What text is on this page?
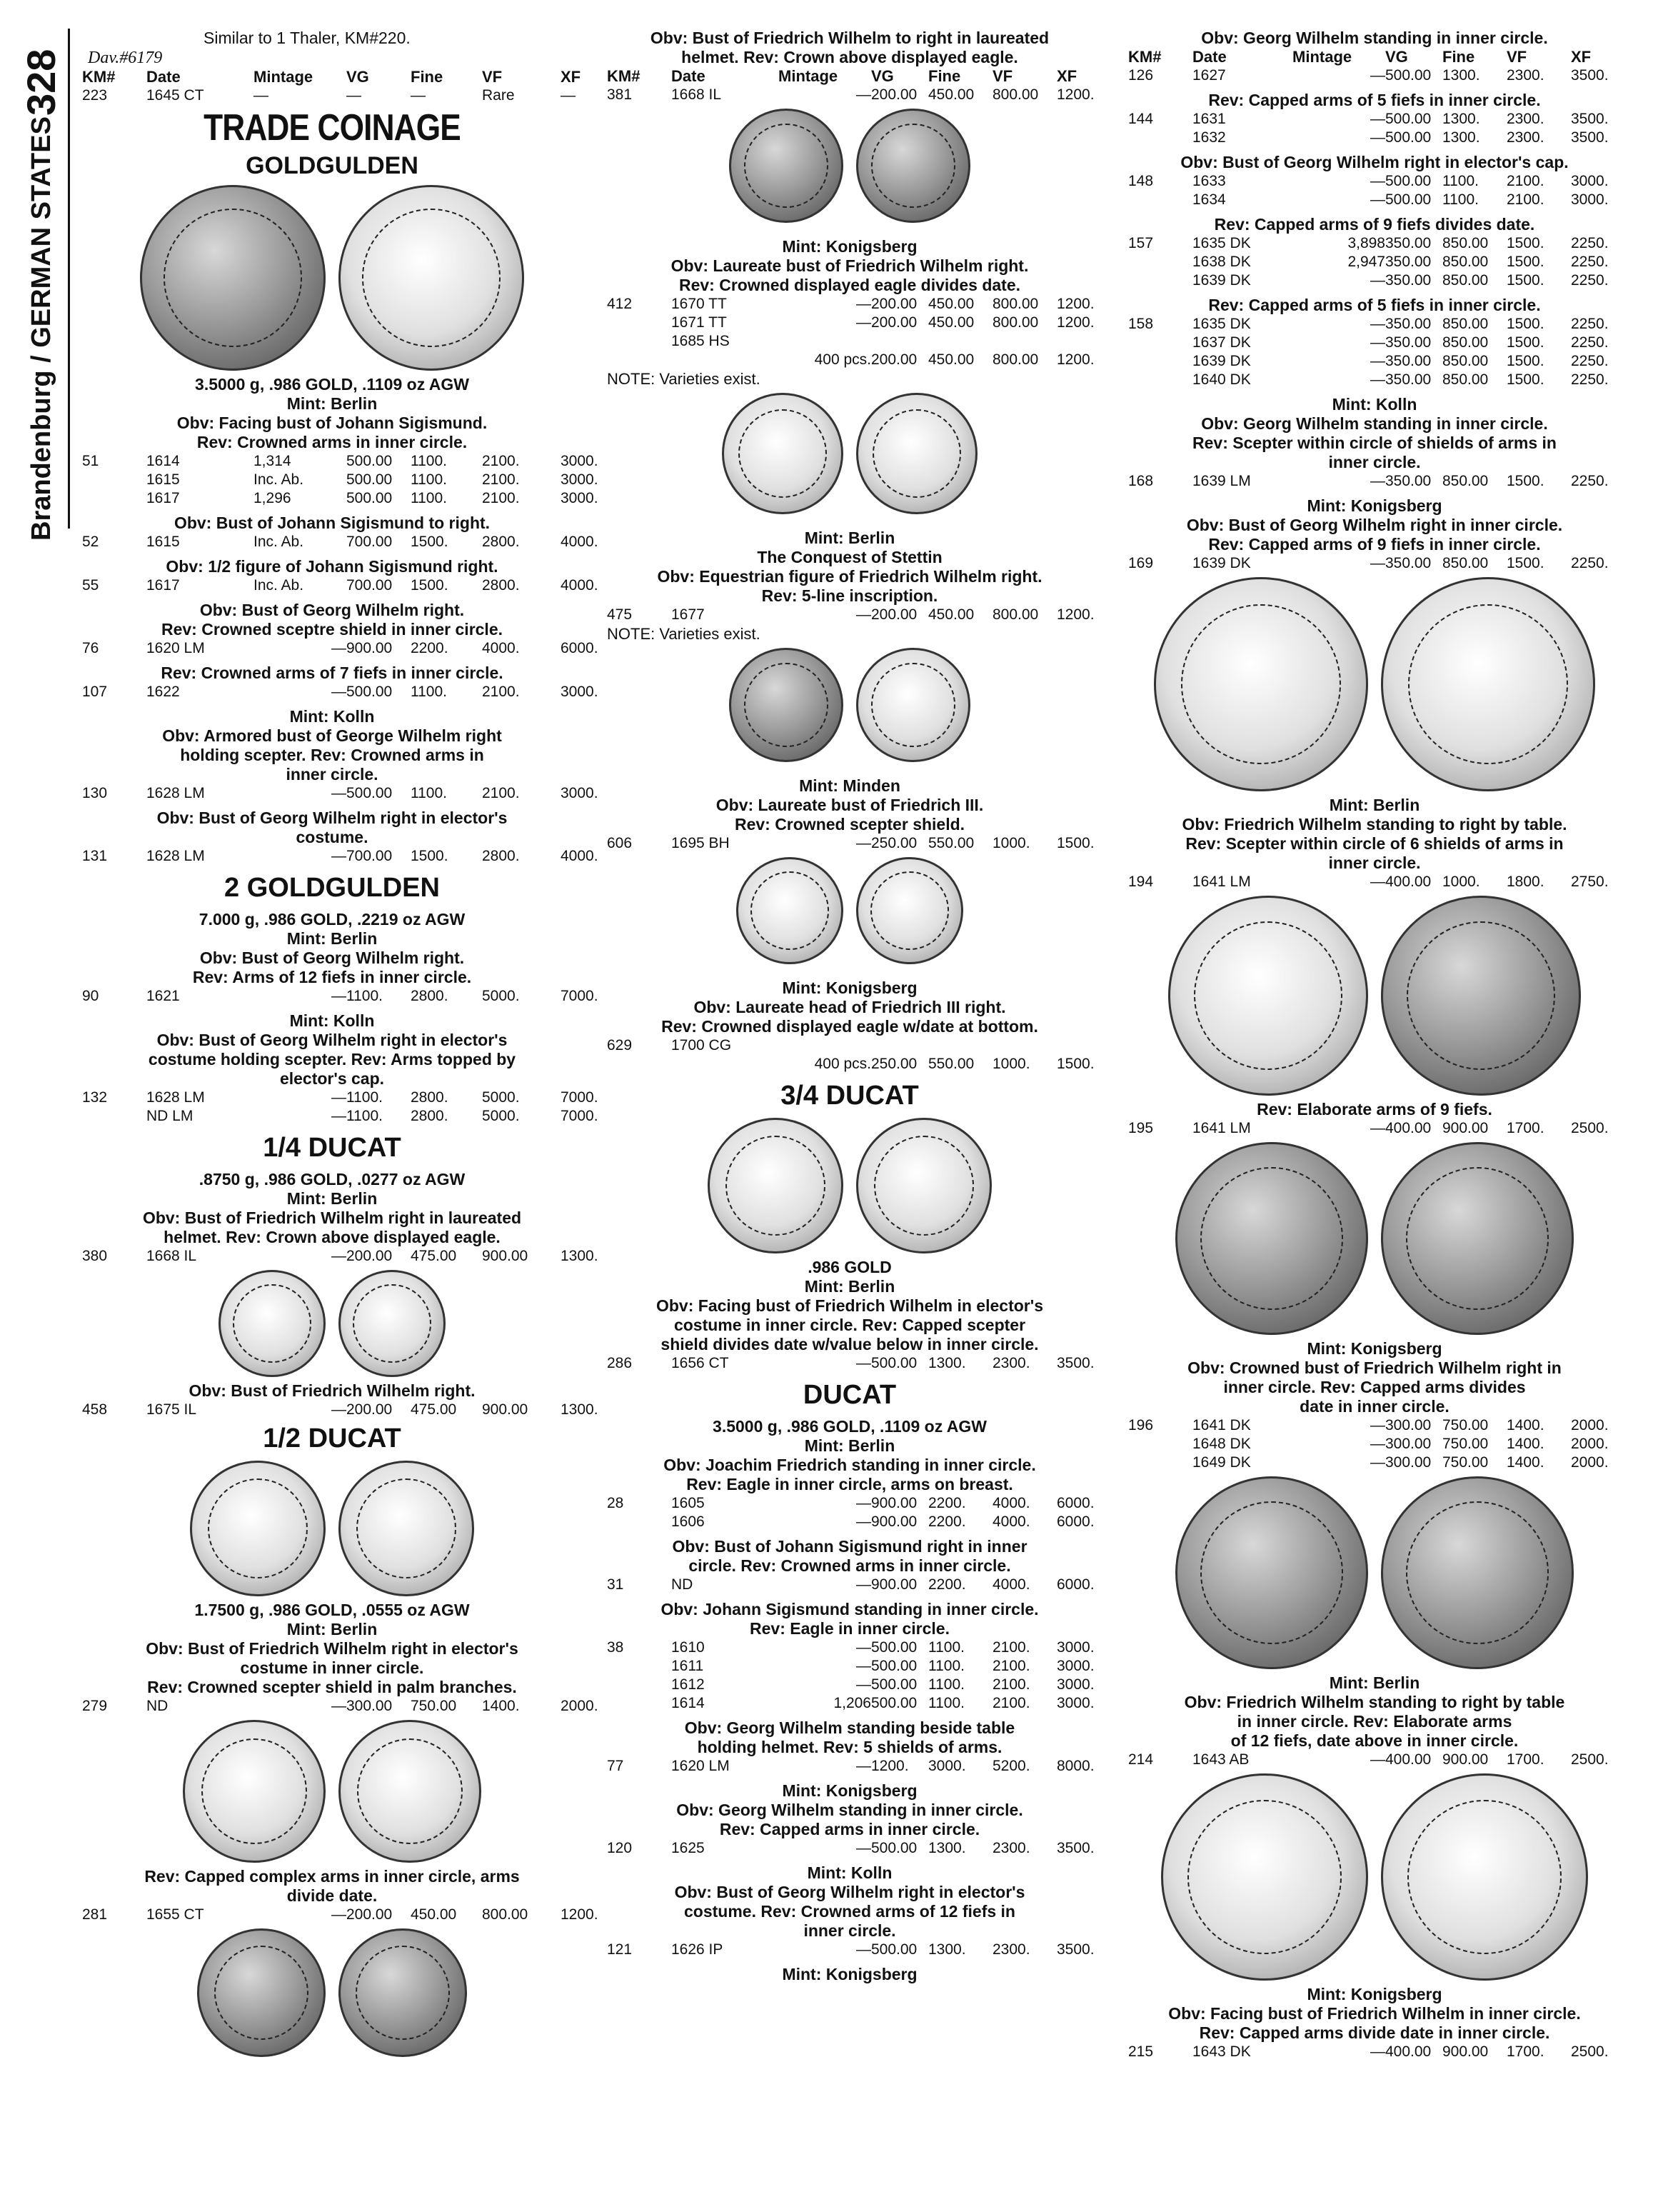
328
Brandenburg / GERMAN STATES
Similar to 1 Thaler, KM#220.
Dav.#6179
KM#	Date	Mintage	VG	Fine	VF	XF
223	1645 CT	—	—	—	Rare	—
TRADE COINAGE
GOLDGULDEN
3.5000 g, .986 GOLD, .1109 oz AGW
Mint: Berlin
Obv: Facing bust of Johann Sigismund.
Rev: Crowned arms in inner circle.
51	1614	1,314	500.00	1100.	2100.	3000.
1615	Inc. Ab.	500.00	1100.	2100.	3000.
1617	1,296	500.00	1100.	2100.	3000.
Obv: Bust of Johann Sigismund to right.
52	1615	Inc. Ab.	700.00	1500.	2800.	4000.
Obv: 1/2 figure of Johann Sigismund right.
55	1617	Inc. Ab.	700.00	1500.	2800.	4000.
Obv: Bust of Georg Wilhelm right.
Rev: Crowned sceptre shield in inner circle.
76	1620 LM	— 900.00	2200.	4000.	6000.
Rev: Crowned arms of 7 fiefs in inner circle.
107	1622	— 500.00	1100.	2100.	3000.
Mint: Kolln
Obv: Armored bust of George Wilhelm right
holding scepter. Rev: Crowned arms in
inner circle.
130	1628 LM	— 500.00	1100.	2100.	3000.
Obv: Bust of Georg Wilhelm right in elector's
costume.
131	1628 LM	— 700.00	1500.	2800.	4000.
2 GOLDGULDEN
7.000 g, .986 GOLD, .2219 oz AGW
Mint: Berlin
Obv: Bust of Georg Wilhelm right.
Rev: Arms of 12 fiefs in inner circle.
90	1621	— 1100.	2800.	5000.	7000.
Mint: Kolln
Obv: Bust of Georg Wilhelm right in elector's
costume holding scepter. Rev: Arms topped by
elector's cap.
132	1628 LM	— 1100.	2800.	5000.	7000.
ND LM	— 1100.	2800.	5000.	7000.
1/4 DUCAT
.8750 g, .986 GOLD, .0277 oz AGW
Mint: Berlin
Obv: Bust of Friedrich Wilhelm right in laureated
helmet. Rev: Crown above displayed eagle.
380	1668 IL	— 200.00	475.00	900.00	1300.
Obv: Bust of Friedrich Wilhelm right.
458	1675 IL	— 200.00	475.00	900.00	1300.
1/2 DUCAT
1.7500 g, .986 GOLD, .0555 oz AGW
Mint: Berlin
Obv: Bust of Friedrich Wilhelm right in elector's
costume in inner circle.
Rev: Crowned scepter shield in palm branches.
279	ND	— 300.00	750.00	1400.	2000.
Rev: Capped complex arms in inner circle, arms
divide date.
281	1655 CT	— 200.00	450.00	800.00	1200.
Obv: Bust of Friedrich Wilhelm to right in laureated
helmet. Rev: Crown above displayed eagle.
KM#	Date	Mintage	VG	Fine	VF	XF
381	1668 IL	— 200.00 450.00	800.00	1200.
Mint: Konigsberg
Obv: Laureate bust of Friedrich Wilhelm right.
Rev: Crowned displayed eagle divides date.
412	1670 TT	— 200.00 450.00	800.00	1200.
1671 TT	— 200.00 450.00	800.00	1200.
1685 HS
400 pcs. 200.00 450.00	800.00	1200.
NOTE: Varieties exist.
Mint: Berlin
The Conquest of Stettin
Obv: Equestrian figure of Friedrich Wilhelm right.
Rev: 5-line inscription.
475	1677	— 200.00 450.00	800.00	1200.
NOTE: Varieties exist.
Mint: Minden
Obv: Laureate bust of Friedrich III.
Rev: Crowned scepter shield.
606	1695 BH	— 250.00 550.00	1000.	1500.
Mint: Konigsberg
Obv: Laureate head of Friedrich III right.
Rev: Crowned displayed eagle w/date at bottom.
629	1700 CG
400 pcs. 250.00 550.00	1000.	1500.
3/4 DUCAT
.986 GOLD
Mint: Berlin
Obv: Facing bust of Friedrich Wilhelm in elector's
costume in inner circle. Rev: Capped scepter
shield divides date w/value below in inner circle.
286	1656 CT	— 500.00 1300.	2300.	3500.
DUCAT
3.5000 g, .986 GOLD, .1109 oz AGW
Mint: Berlin
Obv: Joachim Friedrich standing in inner circle.
Rev: Eagle in inner circle, arms on breast.
28	1605	— 900.00 2200.	4000.	6000.
1606	— 900.00 2200.	4000.	6000.
Obv: Bust of Johann Sigismund right in inner
circle. Rev: Crowned arms in inner circle.
31	ND	— 900.00 2200.	4000.	6000.
Obv: Johann Sigismund standing in inner circle.
Rev: Eagle in inner circle.
38	1610	— 500.00 1100.	2100.	3000.
1611	— 500.00 1100.	2100.	3000.
1612	— 500.00 1100.	2100.	3000.
1614	1,206 500.00 1100.	2100.	3000.
Obv: Georg Wilhelm standing beside table
holding helmet. Rev: 5 shields of arms.
77	1620 LM	— 1200.	3000.	5200.	8000.
Mint: Konigsberg
Obv: Georg Wilhelm standing in inner circle.
Rev: Capped arms in inner circle.
120	1625	— 500.00 1300.	2300.	3500.
Mint: Kolln
Obv: Bust of Georg Wilhelm right in elector's
costume. Rev: Crowned arms of 12 fiefs in
inner circle.
121	1626 IP	— 500.00 1300.	2300.	3500.
Mint: Konigsberg
Obv: Georg Wilhelm standing in inner circle.
KM#	Date	Mintage	VG	Fine	VF	XF
126	1627	— 500.00 1300.	2300.	3500.
Rev: Capped arms of 5 fiefs in inner circle.
144	1631	— 500.00 1300.	2300.	3500.
1632	— 500.00 1300.	2300.	3500.
Obv: Bust of Georg Wilhelm right in elector's cap.
148	1633	— 500.00 1100.	2100.	3000.
1634	— 500.00 1100.	2100.	3000.
Rev: Capped arms of 9 fiefs divides date.
157	1635 DK	3,898 350.00 850.00	1500.	2250.
1638 DK	2,947 350.00 850.00	1500.	2250.
1639 DK	— 350.00 850.00	1500.	2250.
Rev: Capped arms of 5 fiefs in inner circle.
158	1635 DK	— 350.00 850.00	1500.	2250.
1637 DK	— 350.00 850.00	1500.	2250.
1639 DK	— 350.00 850.00	1500.	2250.
1640 DK	— 350.00 850.00	1500.	2250.
Mint: Kolln
Obv: Georg Wilhelm standing in inner circle.
Rev: Scepter within circle of shields of arms in
inner circle.
168	1639 LM	— 350.00 850.00	1500.	2250.
Mint: Konigsberg
Obv: Bust of Georg Wilhelm right in inner circle.
Rev: Capped arms of 9 fiefs in inner circle.
169	1639 DK	— 350.00 850.00	1500.	2250.
Mint: Berlin
Obv: Friedrich Wilhelm standing to right by table.
Rev: Scepter within circle of 6 shields of arms in
inner circle.
194	1641 LM	— 400.00 1000.	1800.	2750.
Rev: Elaborate arms of 9 fiefs.
195	1641 LM	— 400.00 900.00	1700.	2500.
Mint: Konigsberg
Obv: Crowned bust of Friedrich Wilhelm right in
inner circle. Rev: Capped arms divides
date in inner circle.
196	1641 DK	— 300.00 750.00	1400.	2000.
1648 DK	— 300.00 750.00	1400.	2000.
1649 DK	— 300.00 750.00	1400.	2000.
Mint: Berlin
Obv: Friedrich Wilhelm standing to right by table
in inner circle. Rev: Elaborate arms
of 12 fiefs, date above in inner circle.
214	1643 AB	— 400.00 900.00	1700.	2500.
Mint: Konigsberg
Obv: Facing bust of Friedrich Wilhelm in inner circle.
Rev: Capped arms divide date in inner circle.
215	1643 DK	— 400.00 900.00	1700.	2500.
